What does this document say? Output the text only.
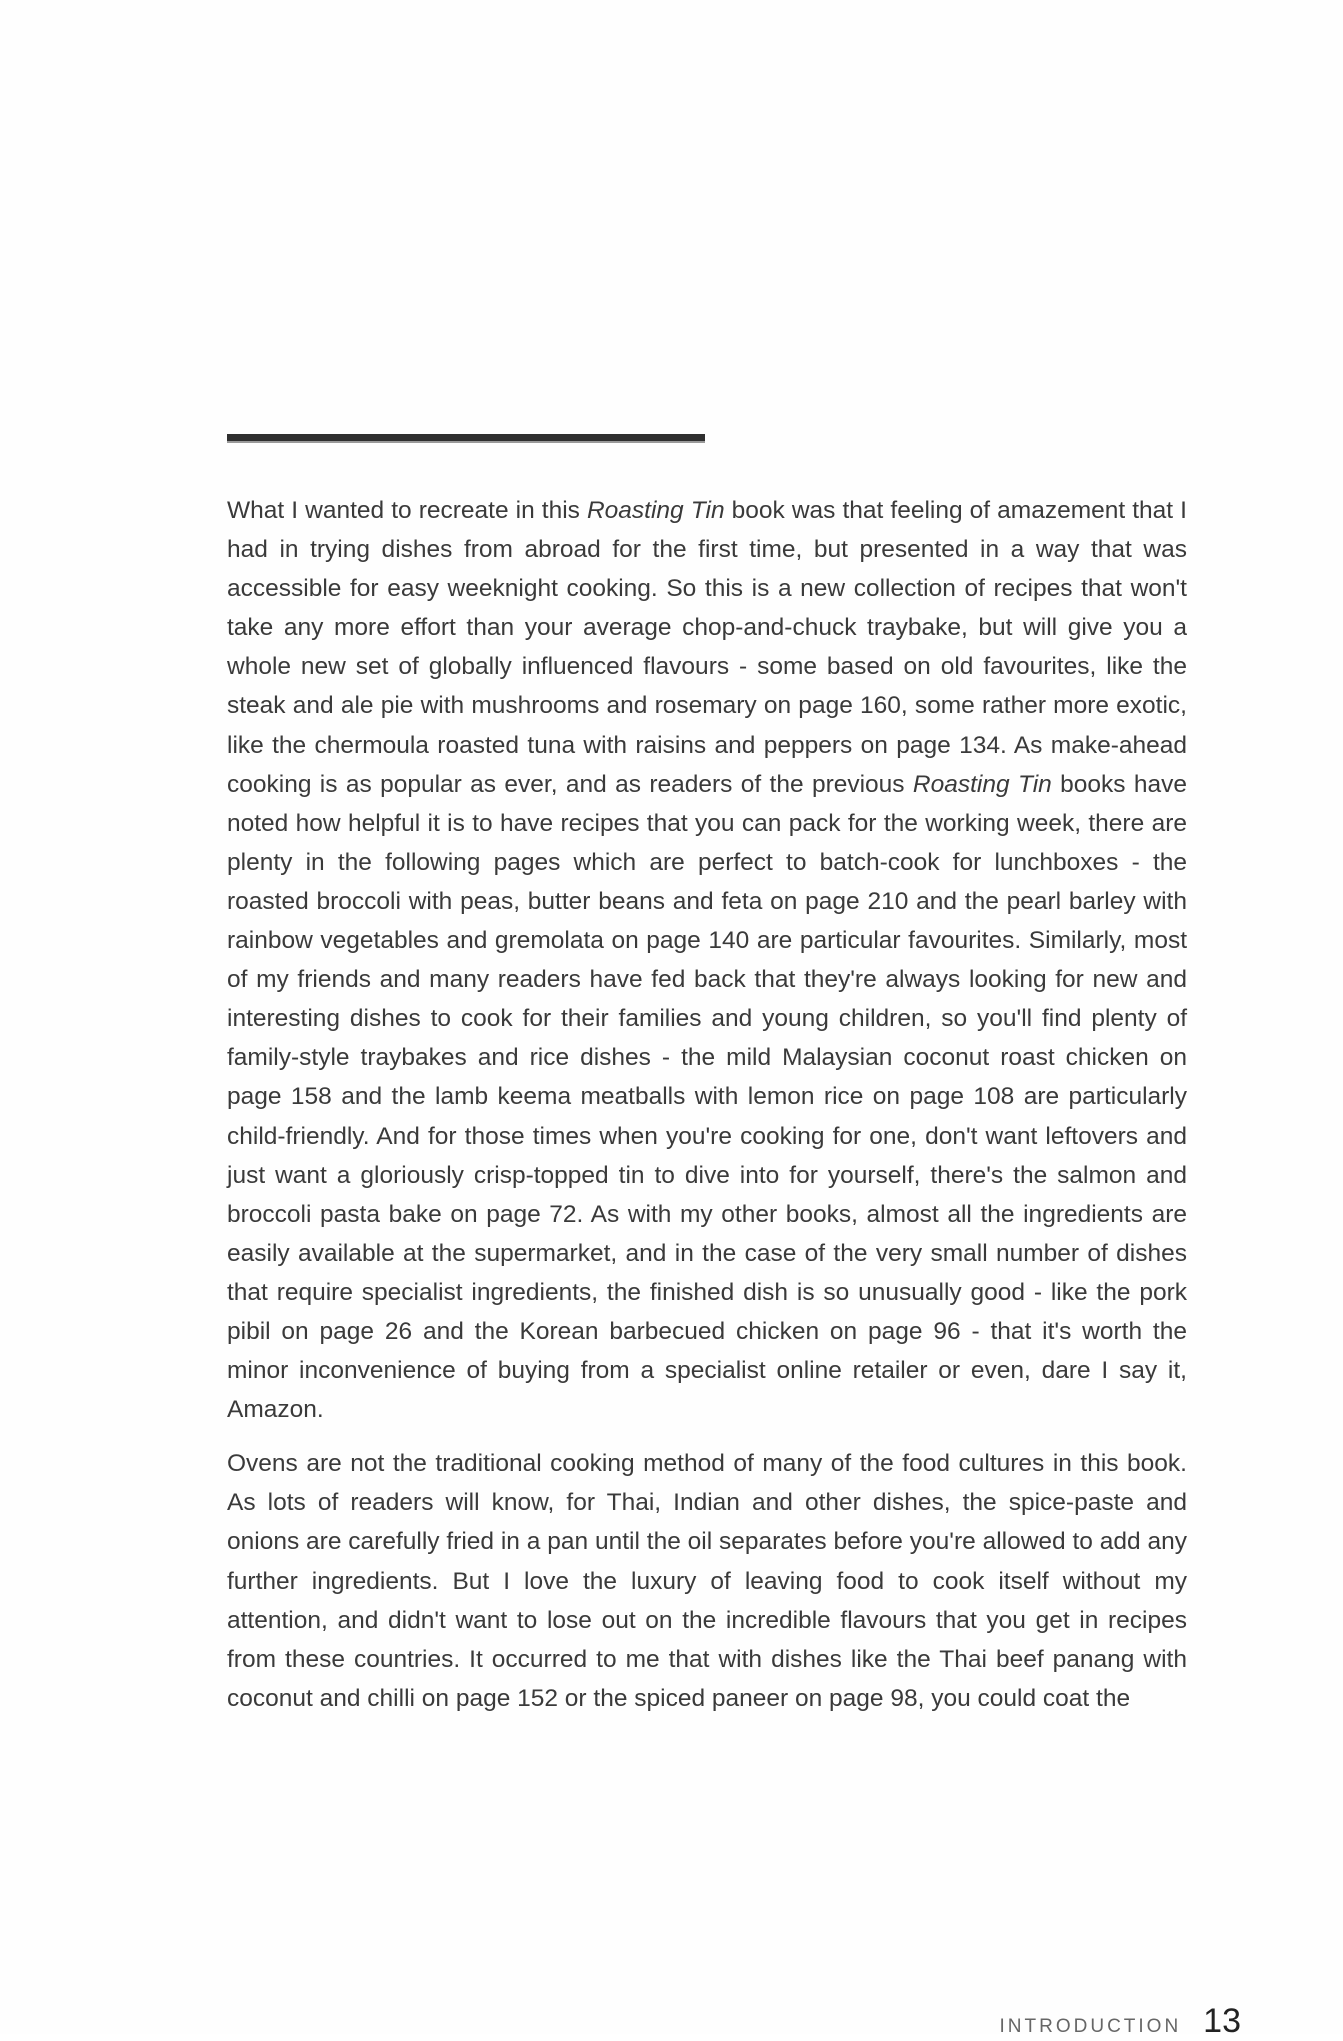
What I wanted to recreate in this Roasting Tin book was that feeling of amazement that I had in trying dishes from abroad for the first time, but presented in a way that was accessible for easy weeknight cooking. So this is a new collection of recipes that won't take any more effort than your average chop-and-chuck traybake, but will give you a whole new set of globally influenced flavours - some based on old favourites, like the steak and ale pie with mushrooms and rosemary on page 160, some rather more exotic, like the chermoula roasted tuna with raisins and peppers on page 134. As make-ahead cooking is as popular as ever, and as readers of the previous Roasting Tin books have noted how helpful it is to have recipes that you can pack for the working week, there are plenty in the following pages which are perfect to batch-cook for lunchboxes - the roasted broccoli with peas, butter beans and feta on page 210 and the pearl barley with rainbow vegetables and gremolata on page 140 are particular favourites. Similarly, most of my friends and many readers have fed back that they're always looking for new and interesting dishes to cook for their families and young children, so you'll find plenty of family-style traybakes and rice dishes - the mild Malaysian coconut roast chicken on page 158 and the lamb keema meatballs with lemon rice on page 108 are particularly child-friendly. And for those times when you're cooking for one, don't want leftovers and just want a gloriously crisp-topped tin to dive into for yourself, there's the salmon and broccoli pasta bake on page 72. As with my other books, almost all the ingredients are easily available at the supermarket, and in the case of the very small number of dishes that require specialist ingredients, the finished dish is so unusually good - like the pork pibil on page 26 and the Korean barbecued chicken on page 96 - that it's worth the minor inconvenience of buying from a specialist online retailer or even, dare I say it, Amazon.

Ovens are not the traditional cooking method of many of the food cultures in this book. As lots of readers will know, for Thai, Indian and other dishes, the spice-paste and onions are carefully fried in a pan until the oil separates before you're allowed to add any further ingredients. But I love the luxury of leaving food to cook itself without my attention, and didn't want to lose out on the incredible flavours that you get in recipes from these countries. It occurred to me that with dishes like the Thai beef panang with coconut and chilli on page 152 or the spiced paneer on page 98, you could coat the

INTRODUCTION 13
